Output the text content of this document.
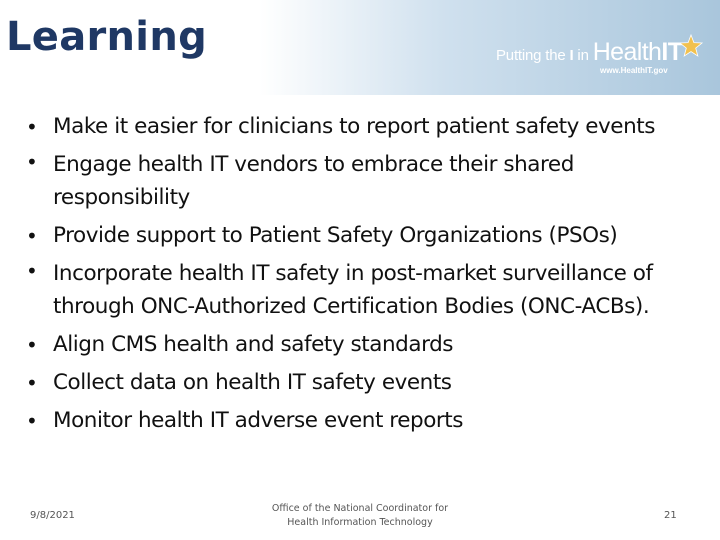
Learning	Putting the I in HealthIT
www.HealthIT.gov
• Make it easier for clinicians to report patient safety events
• Engage health IT vendors to embrace their shared responsibility
• Provide support to Patient Safety Organizations (PSOs)
• Incorporate health IT safety in post-market surveillance of through ONC-Authorized Certification Bodies (ONC-ACBs).
• Align CMS health and safety standards
• Collect data on health IT safety events
• Monitor health IT adverse event reports
9/8/2021
Office of the National Coordinator for
Health Information Technology
21
